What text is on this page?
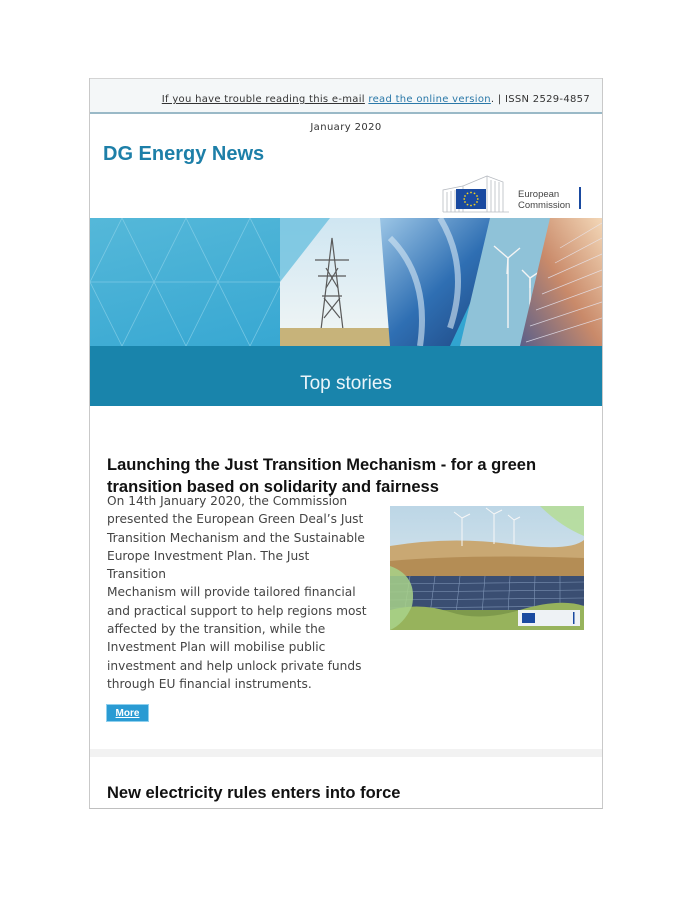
If you have trouble reading this e-mail read the online version. | ISSN 2529-4857
January 2020
DG Energy News
European
Commission
Top stories
Launching the Just Transition Mechanism - for a green
transition based on solidarity and fairness

On 14th January 2020, the Commission
presented the European Green Deal’s Just
Transition Mechanism and the Sustainable
Europe Investment Plan. The Just Transition
Mechanism will provide tailored financial
and practical support to help regions most
affected by the transition, while the
Investment Plan will mobilise public
investment and help unlock private funds
through EU financial instruments.

More
New electricity rules enters into force
